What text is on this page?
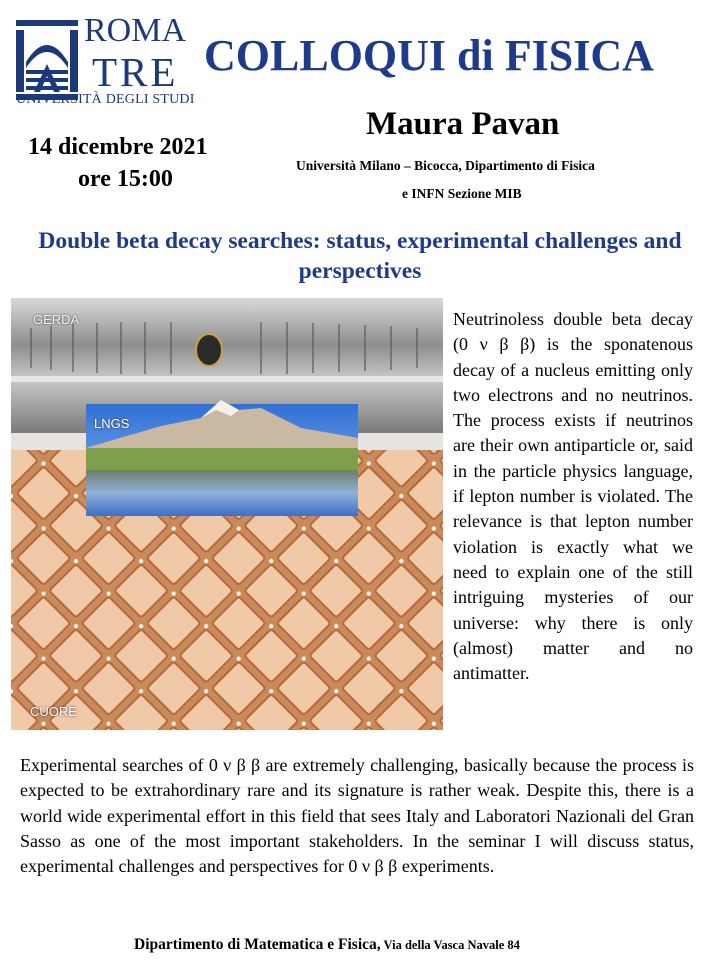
ROMA
TRE
UNIVERSITÀ DEGLI STUDI
COLLOQUI di FISICA
Maura Pavan
Università Milano – Bicocca, Dipartimento di Fisica
e INFN Sezione MIB
14 dicembre 2021
ore 15:00
Double beta decay searches: status, experimental challenges and perspectives
GERDA
LNGS
CUORE
Neutrinoless double beta decay (0 ν β β) is the sponatenous decay of a nucleus emitting only two electrons and no neutrinos. The process exists if neutrinos are their own antiparticle or, said in the particle physics language, if lepton number is violated. The relevance is that lepton number violation is exactly what we need to explain one of the still intriguing mysteries of our universe: why there is only (almost) matter and no antimatter.
Experimental searches of 0 ν β β are extremely challenging, basically because the process is expected to be extrahordinary rare and its signature is rather weak. Despite this, there is a world wide experimental effort in this field that sees Italy and Laboratori Nazionali del Gran Sasso as one of the most important stakeholders. In the seminar I will discuss status, experimental challenges and perspectives for 0 ν β β experiments.
Dipartimento di Matematica e Fisica, Via della Vasca Navale 84
